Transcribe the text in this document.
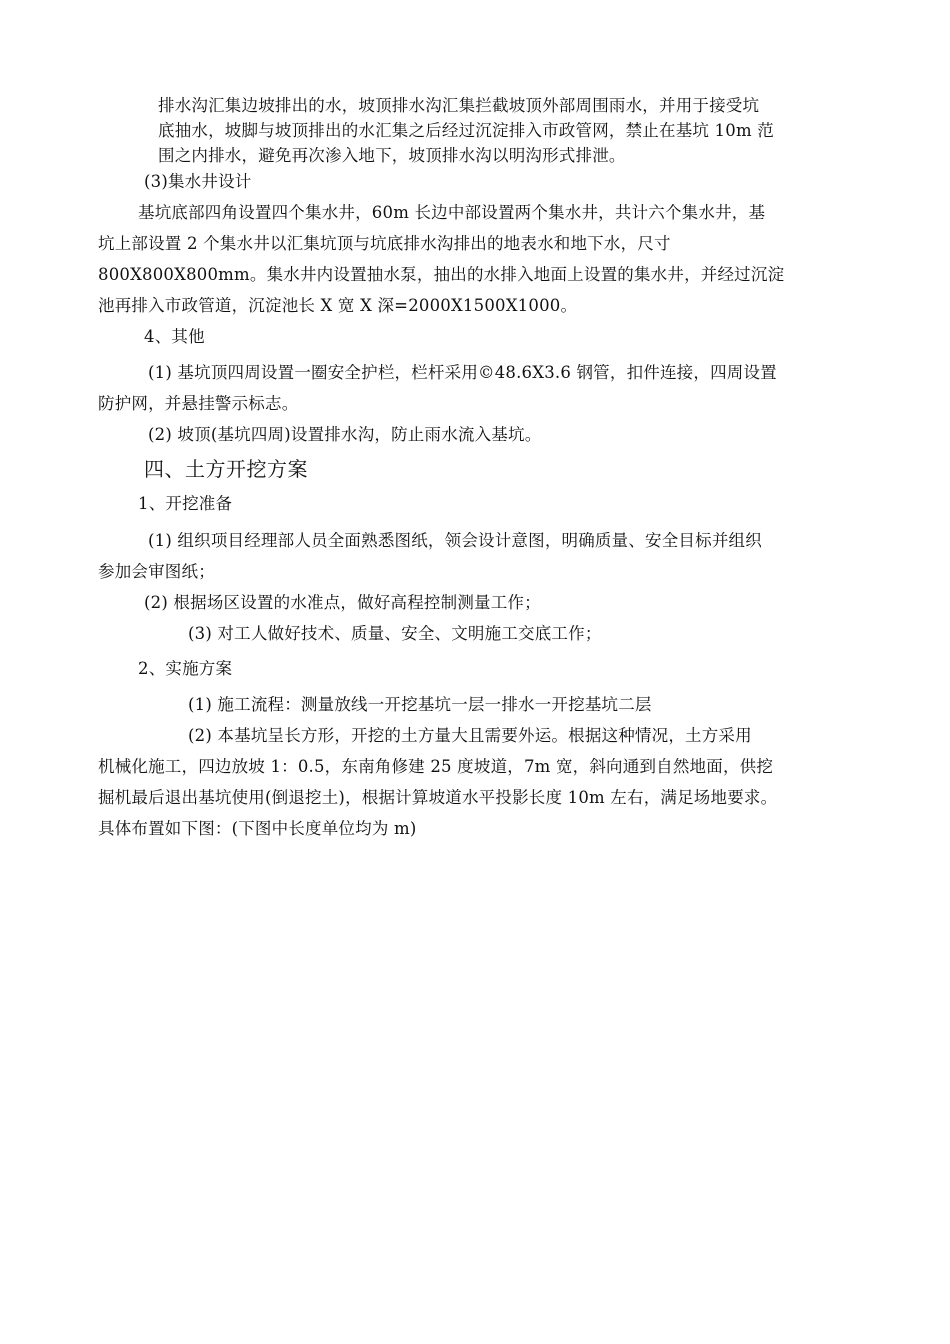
排水沟汇集边坡排出的水，坡顶排水沟汇集拦截坡顶外部周围雨水，并用于接受坑
底抽水，坡脚与坡顶排出的水汇集之后经过沉淀排入市政管网，禁止在基坑 10m 范
围之内排水，避免再次渗入地下，坡顶排水沟以明沟形式排泄。
(3)集水井设计
基坑底部四角设置四个集水井，60m 长边中部设置两个集水井，共计六个集水井，基
坑上部设置 2 个集水井以汇集坑顶与坑底排水沟排出的地表水和地下水，尺寸
800X800X800mm。集水井内设置抽水泵，抽出的水排入地面上设置的集水井，并经过沉淀
池再排入市政管道，沉淀池长 X 宽 X 深=2000X1500X1000。
4、其他
(1) 基坑顶四周设置一圈安全护栏，栏杆采用©48.6X3.6 钢管，扣件连接，四周设置
防护网，并悬挂警示标志。
(2) 坡顶(基坑四周)设置排水沟，防止雨水流入基坑。
四、土方开挖方案
1、开挖准备
(1) 组织项目经理部人员全面熟悉图纸，领会设计意图，明确质量、安全目标并组织
参加会审图纸；
(2) 根据场区设置的水准点，做好高程控制测量工作；
(3) 对工人做好技术、质量、安全、文明施工交底工作；
2、实施方案
(1) 施工流程：测量放线一开挖基坑一层一排水一开挖基坑二层
(2) 本基坑呈长方形，开挖的土方量大且需要外运。根据这种情况，土方采用
机械化施工，四边放坡 1：0.5，东南角修建 25 度坡道，7m 宽，斜向通到自然地面，供挖
掘机最后退出基坑使用(倒退挖土)，根据计算坡道水平投影长度 10m 左右，满足场地要求。
具体布置如下图：(下图中长度单位均为 m)
